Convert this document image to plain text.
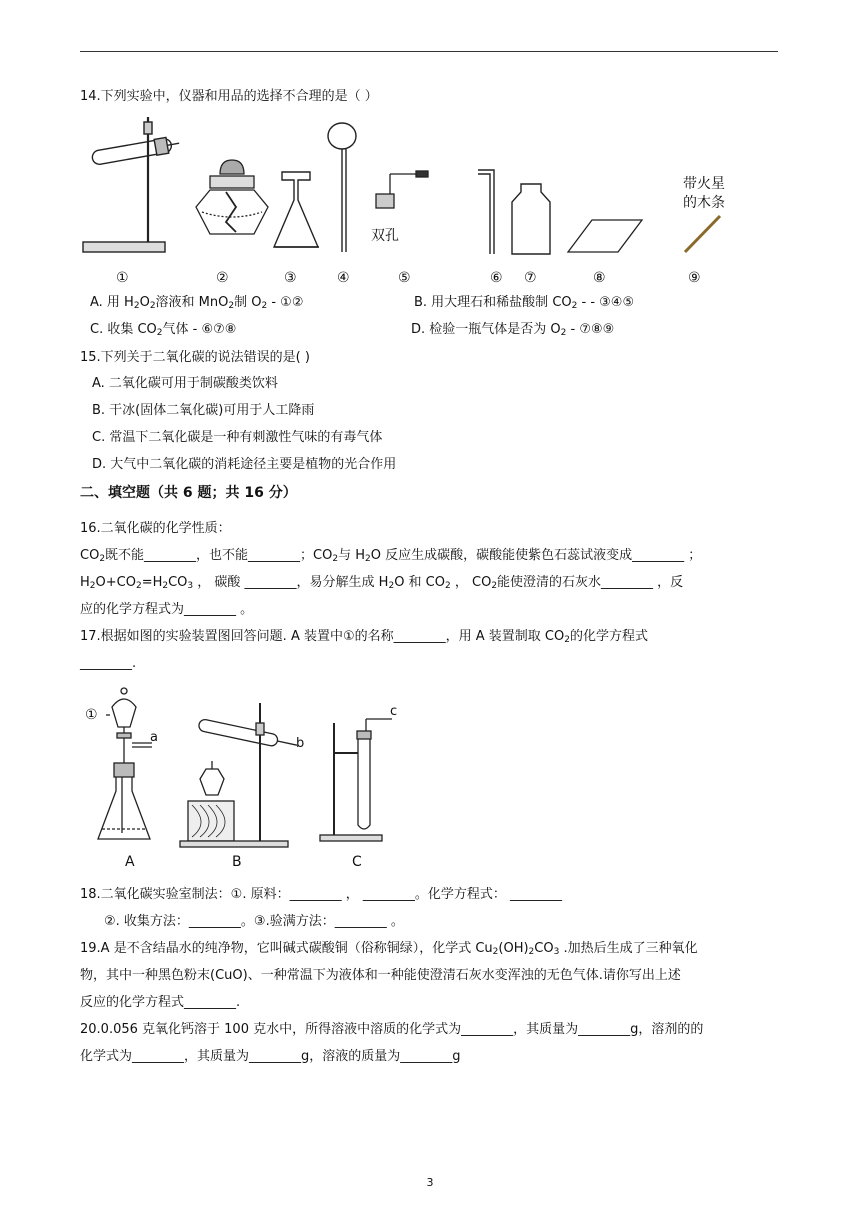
14.下列实验中，仪器和用品的选择不合理的是（ ）
双孔
带火星
的木条
①	②	③	④	⑤	⑥ ⑦	⑧	⑨
A. 用 $H_2O_2$溶液和 MnO$_2$制 $O_2$ - ①②	B. 用大理石和稀盐酸制 $CO_2$ - - ③④⑤
C. 收集 $CO_2$气体 - ⑥⑦⑧	D. 检验一瓶气体是否为 $O_2$ - ⑦⑧⑨
15.下列关于二氧化碳的说法错误的是( )
A. 二氧化碳可用于制碳酸类饮料
B. 干冰(固体二氧化碳)可用于人工降雨
C. 常温下二氧化碳是一种有刺激性气味的有毒气体
D. 大气中二氧化碳的消耗途径主要是植物的光合作用
二、填空题（共 6 题；共 16 分）
16.二氧化碳的化学性质：
$CO_2$既不能________，也不能________；$CO_2$与 $H_2O$ 反应生成碳酸，碳酸能使紫色石蕊试液变成________ ；
$H_2O+CO_2=H_2CO_3$ ， 碳酸 ________，易分解生成 $H_2O$ 和 $CO_2$ ， $CO_2$能使澄清的石灰水________ ，反
应的化学方程式为________ 。
17.根据如图的实验装置图回答问题. A 装置中①的名称________，用 A 装置制取 $CO_2$的化学方程式
________.
①
a	b
c
A	B	C
18.二氧化碳实验室制法：①. 原料：________ ， ________。化学方程式： ________
②. 收集方法：________。③.验满方法：________ 。
19.A 是不含结晶水的纯净物，它叫碱式碳酸铜（俗称铜绿），化学式 $Cu_2(OH)_2CO_3$ .加热后生成了三种氧化
物，其中一种黑色粉末(CuO)、一种常温下为液体和一种能使澄清石灰水变浑浊的无色气体.请你写出上述
反应的化学方程式________.
20.0.056 克氧化钙溶于 100 克水中，所得溶液中溶质的化学式为________，其质量为________g，溶剂的的
化学式为________，其质量为________g，溶液的质量为________g
3
